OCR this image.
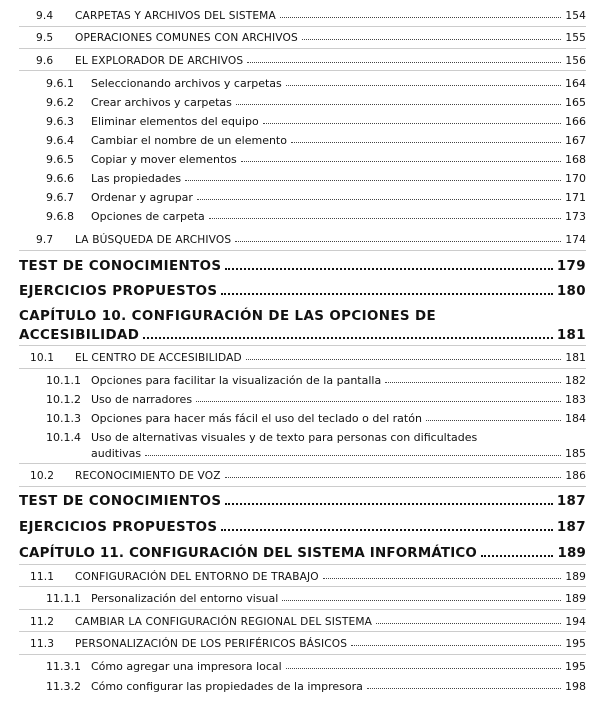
9.4 CARPETAS Y ARCHIVOS DEL SISTEMA	154
9.5 OPERACIONES COMUNES CON ARCHIVOS	155
9.6 EL EXPLORADOR DE ARCHIVOS	156
9.6.1 Seleccionando archivos y carpetas	164
9.6.2 Crear archivos y carpetas	165
9.6.3 Eliminar elementos del equipo	166
9.6.4 Cambiar el nombre de un elemento	167
9.6.5 Copiar y mover elementos	168
9.6.6 Las propiedades	170
9.6.7 Ordenar y agrupar	171
9.6.8 Opciones de carpeta	173
9.7 LA BÚSQUEDA DE ARCHIVOS	174
TEST DE CONOCIMIENTOS	179
EJERCICIOS PROPUESTOS	180
CAPÍTULO 10. CONFIGURACIÓN DE LAS OPCIONES DE
ACCESIBILIDAD	181
10.1 EL CENTRO DE ACCESIBILIDAD	181
10.1.1 Opciones para facilitar la visualización de la pantalla	182
10.1.2 Uso de narradores	183
10.1.3 Opciones para hacer más fácil el uso del teclado o del ratón	184
10.1.4 Uso de alternativas visuales y de texto para personas con dificultades
auditivas	185
10.2 RECONOCIMIENTO DE VOZ	186
TEST DE CONOCIMIENTOS	187
EJERCICIOS PROPUESTOS	187
CAPÍTULO 11. CONFIGURACIÓN DEL SISTEMA INFORMÁTICO	189
11.1 CONFIGURACIÓN DEL ENTORNO DE TRABAJO	189
11.1.1 Personalización del entorno visual	189
11.2 CAMBIAR LA CONFIGURACIÓN REGIONAL DEL SISTEMA	194
11.3 PERSONALIZACIÓN DE LOS PERIFÉRICOS BÁSICOS	195
11.3.1 Cómo agregar una impresora local	195
11.3.2 Cómo configurar las propiedades de la impresora	198
